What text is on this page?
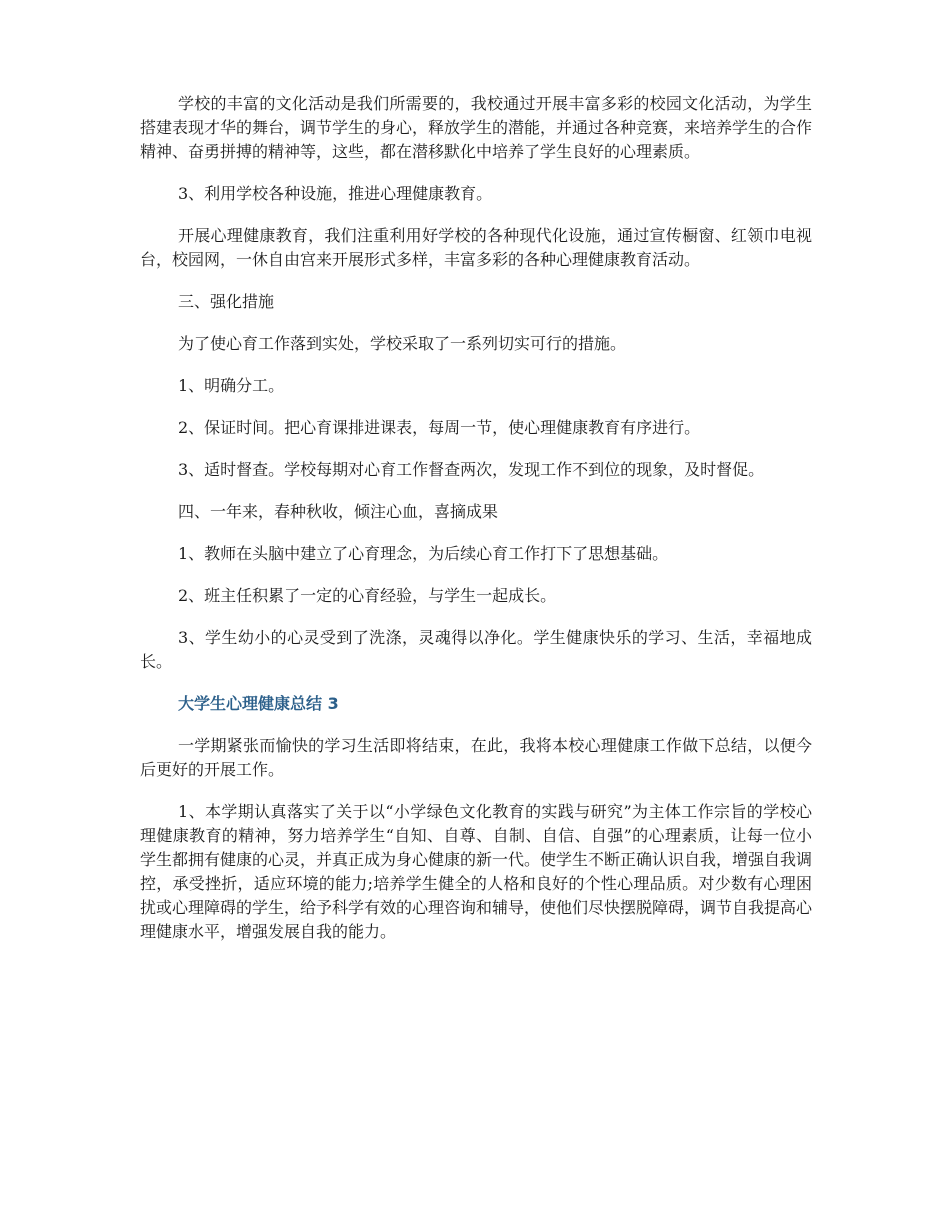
学校的丰富的文化活动是我们所需要的，我校通过开展丰富多彩的校园文化活动，为学生搭建表现才华的舞台，调节学生的身心，释放学生的潜能，并通过各种竞赛，来培养学生的合作精神、奋勇拼搏的精神等，这些，都在潜移默化中培养了学生良好的心理素质。

3、利用学校各种设施，推进心理健康教育。

开展心理健康教育，我们注重利用好学校的各种现代化设施，通过宣传橱窗、红领巾电视台，校园网，一休自由宫来开展形式多样，丰富多彩的各种心理健康教育活动。

三、强化措施

为了使心育工作落到实处，学校采取了一系列切实可行的措施。

1、明确分工。

2、保证时间。把心育课排进课表，每周一节，使心理健康教育有序进行。

3、适时督查。学校每期对心育工作督查两次，发现工作不到位的现象，及时督促。

四、一年来，春种秋收，倾注心血，喜摘成果

1、教师在头脑中建立了心育理念，为后续心育工作打下了思想基础。

2、班主任积累了一定的心育经验，与学生一起成长。

3、学生幼小的心灵受到了洗涤，灵魂得以净化。学生健康快乐的学习、生活，幸福地成长。

大学生心理健康总结 3

一学期紧张而愉快的学习生活即将结束，在此，我将本校心理健康工作做下总结，以便今后更好的开展工作。

1、本学期认真落实了关于以“小学绿色文化教育的实践与研究”为主体工作宗旨的学校心理健康教育的精神，努力培养学生“自知、自尊、自制、自信、自强”的心理素质，让每一位小学生都拥有健康的心灵，并真正成为身心健康的新一代。使学生不断正确认识自我，增强自我调控，承受挫折，适应环境的能力;培养学生健全的人格和良好的个性心理品质。对少数有心理困扰或心理障碍的学生，给予科学有效的心理咨询和辅导，使他们尽快摆脱障碍，调节自我提高心理健康水平，增强发展自我的能力。
